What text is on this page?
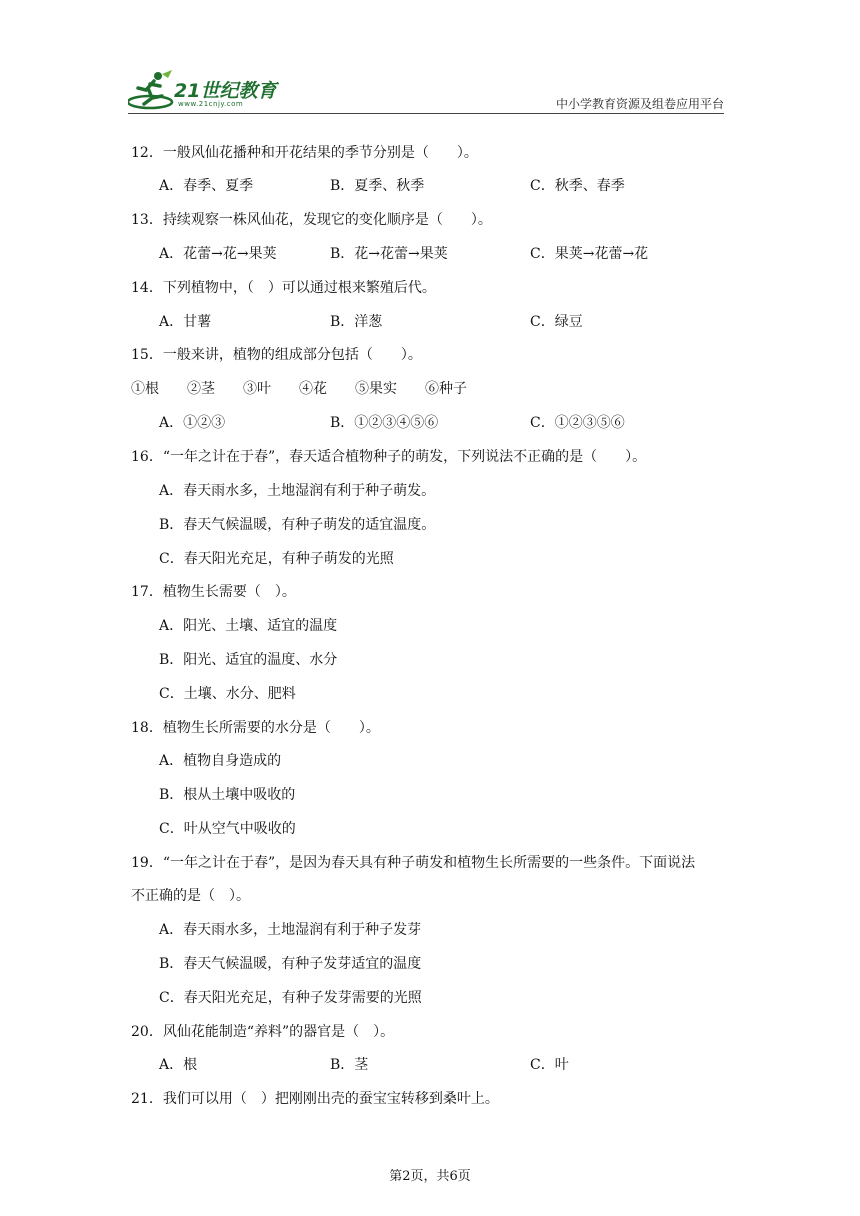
21世纪教育
www.21cnjy.com	中小学教育资源及组卷应用平台
12．一般风仙花播种和开花结果的季节分别是（　　）。
A．春季、夏季	B．夏季、秋季	C．秋季、春季
13．持续观察一株风仙花，发现它的变化顺序是（　　）。
A．花蕾→花→果荚	B．花→花蕾→果荚	C．果荚→花蕾→花
14．下列植物中，（　）可以通过根来繁殖后代。
A．甘薯	B．洋葱	C．绿豆
15．一般来讲，植物的组成部分包括（　　）。
①根　　②茎　　③叶　　④花　　⑤果实　　⑥种子
A．①②③	B．①②③④⑤⑥	C．①②③⑤⑥
16．“一年之计在于春”，春天适合植物种子的萌发，下列说法不正确的是（　　）。
A．春天雨水多，土地湿润有利于种子萌发。
B．春天气候温暖，有种子萌发的适宜温度。
C．春天阳光充足，有种子萌发的光照
17．植物生长需要（　）。
A．阳光、土壤、适宜的温度
B．阳光、适宜的温度、水分
C．土壤、水分、肥料
18．植物生长所需要的水分是（　　）。
A．植物自身造成的
B．根从土壤中吸收的
C．叶从空气中吸收的
19．“一年之计在于春”，是因为春天具有种子萌发和植物生长所需要的一些条件。下面说法
不正确的是（　）。
A．春天雨水多，土地湿润有利于种子发芽
B．春天气候温暖，有种子发芽适宜的温度
C．春天阳光充足，有种子发芽需要的光照
20．风仙花能制造“养料”的器官是（　）。
A．根	B．茎	C．叶
21．我们可以用（　）把刚刚出壳的蚕宝宝转移到桑叶上。
第2页，共6页
